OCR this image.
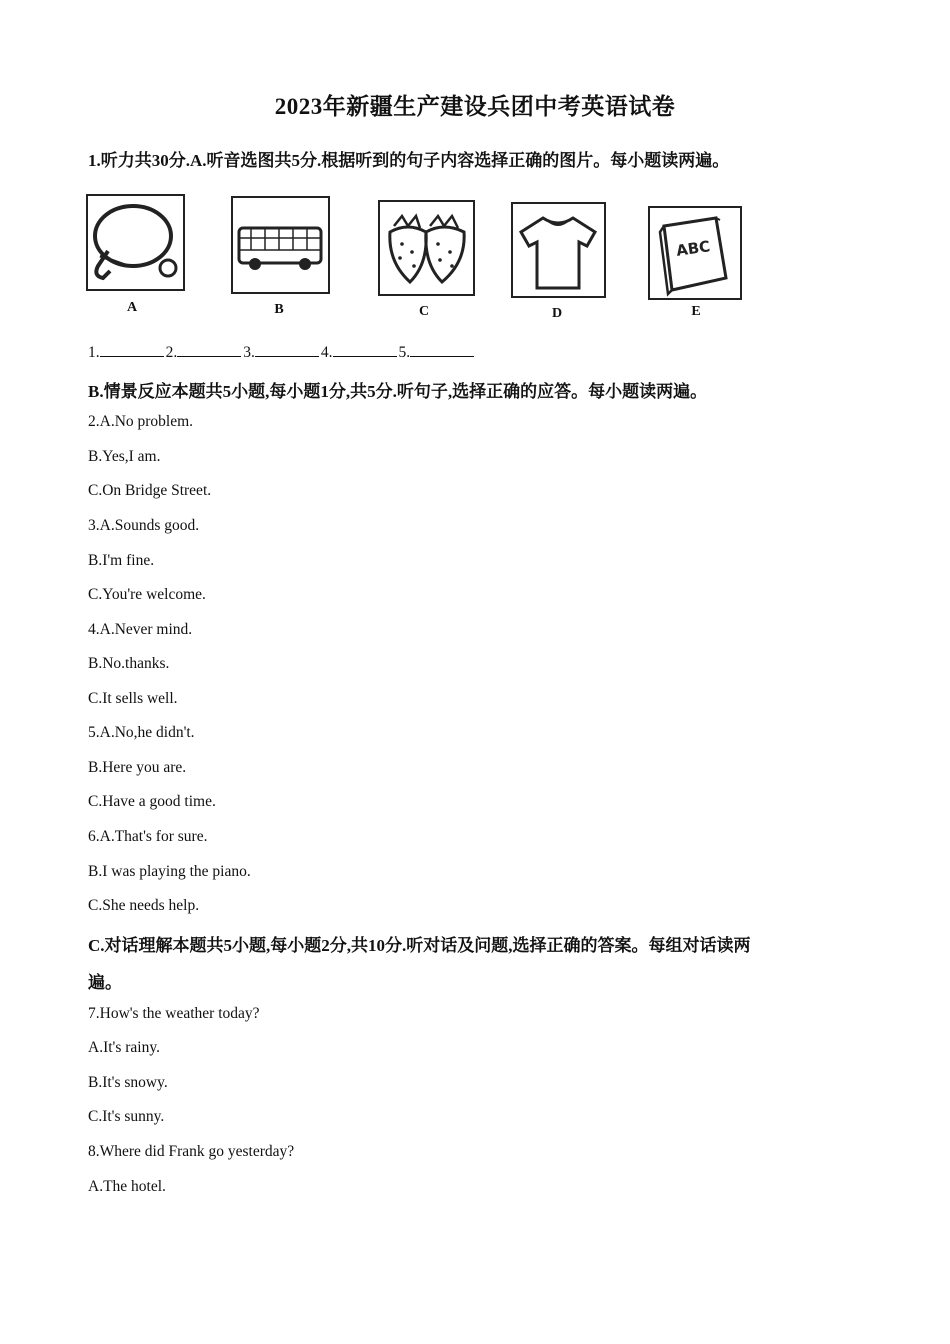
2023年新疆生产建设兵团中考英语试卷
1.听力共30分.A.听音选图共5分.根据听到的句子内容选择正确的图片。每小题读两遍。
A	B	C	D
ABC
E
1.	2.	3.	4.	5.
B.情景反应本题共5小题,每小题1分,共5分.听句子,选择正确的应答。每小题读两遍。
2.A.No problem.
B.Yes,I am.
C.On Bridge Street.
3.A.Sounds good.
B.I'm fine.
C.You're welcome.
4.A.Never mind.
B.No.thanks.
C.It sells well.
5.A.No,he didn't.
B.Here you are.
C.Have a good time.
6.A.That's for sure.
B.I was playing the piano.
C.She needs help.
C.对话理解本题共5小题,每小题2分,共10分.听对话及问题,选择正确的答案。每组对话读两
遍。
7.How's the weather today?
A.It's rainy.
B.It's snowy.
C.It's sunny.
8.Where did Frank go yesterday?
A.The hotel.
